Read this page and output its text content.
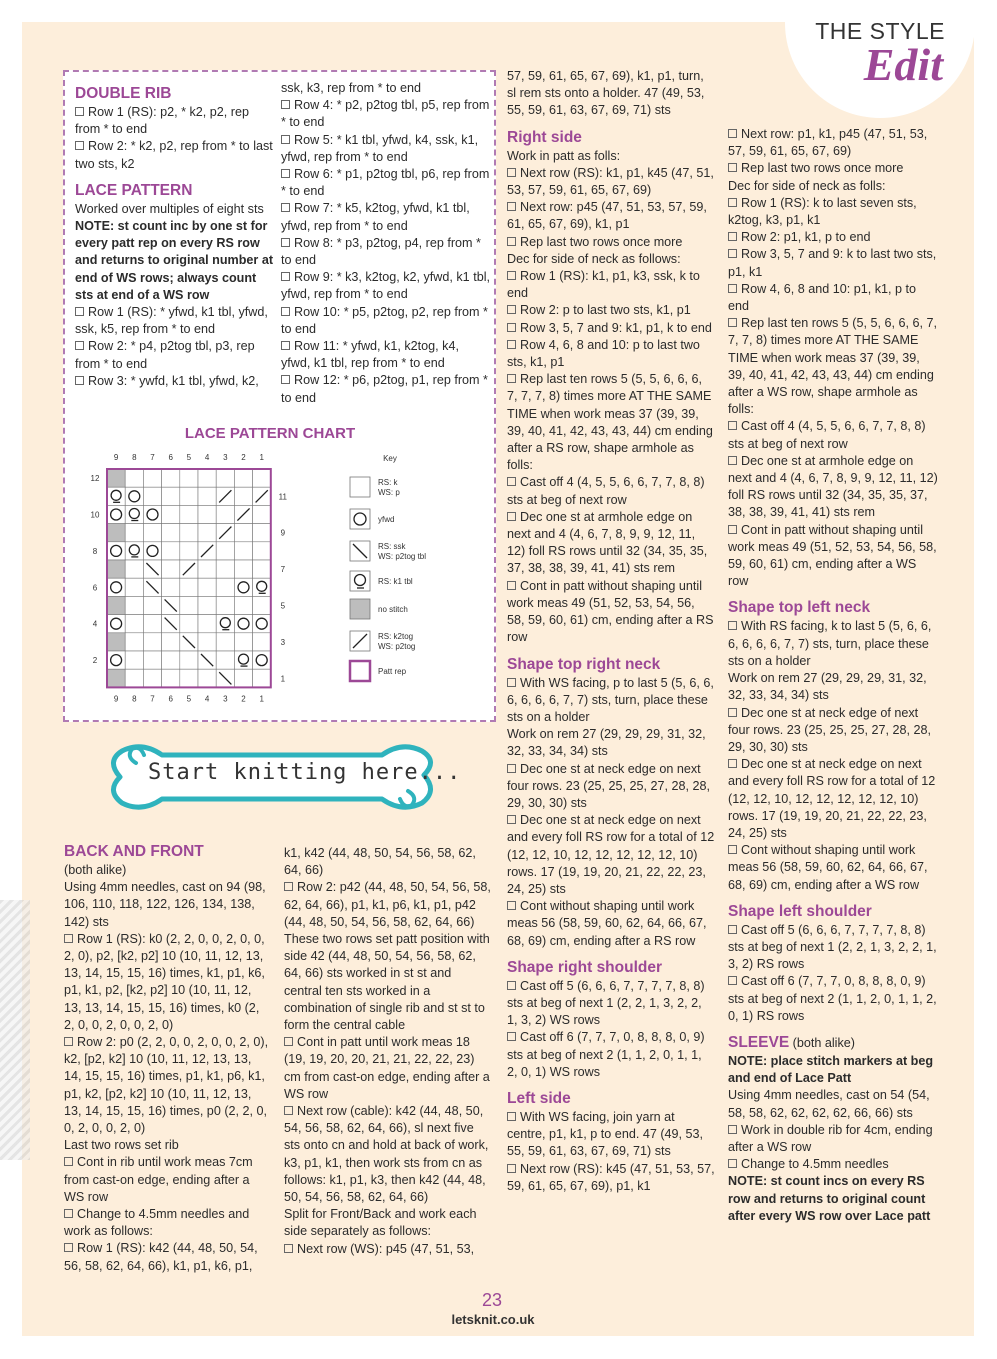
THE STYLE
Edit
DOUBLE RIB

Row 1 (RS): p2, * k2, p2, rep from * to end

Row 2: * k2, p2, rep from * to last two sts, k2

LACE PATTERN

Worked over multiples of eight sts

NOTE: st count inc by one st for every patt rep on every RS row and returns to original number at end of WS rows; always count sts at end of a WS row

Row 1 (RS): * yfwd, k1 tbl, yfwd, ssk, k5, rep from * to end

Row 2: * p4, p2tog tbl, p3, rep from * to end

Row 3: * ywfd, k1 tbl, yfwd, k2,

ssk, k3, rep from * to end

Row 4: * p2, p2tog tbl, p5, rep from * to end

Row 5: * k1 tbl, yfwd, k4, ssk, k1, yfwd, rep from * to end

Row 6: * p1, p2tog tbl, p6, rep from * to end

Row 7: * k5, k2tog, yfwd, k1 tbl, yfwd, rep from * to end

Row 8: * p3, p2tog, p4, rep from * to end

Row 9: * k3, k2tog, k2, yfwd, k1 tbl, yfwd, rep from * to end

Row 10: * p5, p2tog, p2, rep from * to end

Row 11: * yfwd, k1, k2tog, k4, yfwd, k1 tbl, rep from * to end

Row 12: * p6, p2tog, p1, rep from * to end

LACE PATTERN CHART
9 8 7 6 5 4 3 2 1
9 8 7 6 5 4 3 2 1
12
10
8
6
4
2
11
9
7
5
3
1
Key
RS: k
WS: p
yfwd
RS: ssk
WS: p2tog tbl
RS: k1 tbl
no stitch
RS: k2tog
WS: p2tog
Patt rep
Start knitting here...
BACK AND FRONT

(both alike)

Using 4mm needles, cast on 94 (98, 106, 110, 118, 122, 126, 134, 138, 142) sts

Row 1 (RS): k0 (2, 2, 0, 0, 2, 0, 0, 2, 0), p2, [k2, p2] 10 (10, 11, 12, 13, 13, 14, 15, 15, 16) times, k1, p1, k6, p1, k1, p2, [k2, p2] 10 (10, 11, 12, 13, 13, 14, 15, 15, 16) times, k0 (2, 2, 0, 0, 2, 0, 0, 2, 0)

Row 2: p0 (2, 2, 0, 0, 2, 0, 0, 2, 0), k2, [p2, k2] 10 (10, 11, 12, 13, 13, 14, 15, 15, 16) times, p1, k1, p6, k1, p1, k2, [p2, k2] 10 (10, 11, 12, 13, 13, 14, 15, 15, 16) times, p0 (2, 2, 0, 0, 2, 0, 0, 2, 0)

Last two rows set rib

Cont in rib until work meas 7cm from cast-on edge, ending after a WS row

Change to 4.5mm needles and work as follows:

Row 1 (RS): k42 (44, 48, 50, 54, 56, 58, 62, 64, 66), k1, p1, k6, p1,

k1, k42 (44, 48, 50, 54, 56, 58, 62, 64, 66)

Row 2: p42 (44, 48, 50, 54, 56, 58, 62, 64, 66), p1, k1, p6, k1, p1, p42 (44, 48, 50, 54, 56, 58, 62, 64, 66)

These two rows set patt position with side 42 (44, 48, 50, 54, 56, 58, 62, 64, 66) sts worked in st st and central ten sts worked in a combination of single rib and st st to form the central cable

Cont in patt until work meas 18 (19, 19, 20, 20, 21, 21, 22, 22, 23) cm from cast-on edge, ending after a WS row

Next row (cable): k42 (44, 48, 50, 54, 56, 58, 62, 64, 66), sl next five sts onto cn and hold at back of work, k3, p1, k1, then work sts from cn as follows: k1, p1, k3, then k42 (44, 48, 50, 54, 56, 58, 62, 64, 66)

Split for Front/Back and work each side separately as follows:

Next row (WS): p45 (47, 51, 53,

57, 59, 61, 65, 67, 69), k1, p1, turn, sl rem sts onto a holder. 47 (49, 53, 55, 59, 61, 63, 67, 69, 71) sts

Right side

Work in patt as folls:

Next row (RS): k1, p1, k45 (47, 51, 53, 57, 59, 61, 65, 67, 69)

Next row: p45 (47, 51, 53, 57, 59, 61, 65, 67, 69), k1, p1

Rep last two rows once more

Dec for side of neck as follows:

Row 1 (RS): k1, p1, k3, ssk, k to end

Row 2: p to last two sts, k1, p1

Row 3, 5, 7 and 9: k1, p1, k to end

Row 4, 6, 8 and 10: p to last two sts, k1, p1

Rep last ten rows 5 (5, 5, 6, 6, 6, 7, 7, 7, 8) times more AT THE SAME TIME when work meas 37 (39, 39, 39, 40, 41, 42, 43, 43, 44) cm ending after a RS row, shape armhole as folls:

Cast off 4 (4, 5, 5, 6, 6, 7, 7, 8, 8) sts at beg of next row

Dec one st at armhole edge on next and 4 (4, 6, 7, 8, 9, 9, 12, 11, 12) foll RS rows until 32 (34, 35, 35, 37, 38, 38, 39, 41, 41) sts rem

Cont in patt without shaping until work meas 49 (51, 52, 53, 54, 56, 58, 59, 60, 61) cm, ending after a RS row

Shape top right neck

With WS facing, p to last 5 (5, 6, 6, 6, 6, 6, 6, 7, 7) sts, turn, place these sts on a holder

Work on rem 27 (29, 29, 29, 31, 32, 32, 33, 34, 34) sts

Dec one st at neck edge on next four rows. 23 (25, 25, 25, 27, 28, 28, 29, 30, 30) sts

Dec one st at neck edge on next and every foll RS row for a total of 12 (12, 12, 10, 12, 12, 12, 12, 12, 10) rows. 17 (19, 19, 20, 21, 22, 22, 23, 24, 25) sts

Cont without shaping until work meas 56 (58, 59, 60, 62, 64, 66, 67, 68, 69) cm, ending after a RS row

Shape right shoulder

Cast off 5 (6, 6, 6, 7, 7, 7, 7, 8, 8) sts at beg of next 1 (2, 2, 1, 3, 2, 2, 1, 3, 2) WS rows

Cast off 6 (7, 7, 7, 0, 8, 8, 8, 0, 9) sts at beg of next 2 (1, 1, 2, 0, 1, 1, 2, 0, 1) WS rows

Left side

With WS facing, join yarn at centre, p1, k1, p to end. 47 (49, 53, 55, 59, 61, 63, 67, 69, 71) sts

Next row (RS): k45 (47, 51, 53, 57, 59, 61, 65, 67, 69), p1, k1

Next row: p1, k1, p45 (47, 51, 53, 57, 59, 61, 65, 67, 69)

Rep last two rows once more

Dec for side of neck as folls:

Row 1 (RS): k to last seven sts, k2tog, k3, p1, k1

Row 2: p1, k1, p to end

Row 3, 5, 7 and 9: k to last two sts, p1, k1

Row 4, 6, 8 and 10: p1, k1, p to end

Rep last ten rows 5 (5, 5, 6, 6, 6, 7, 7, 7, 8) times more AT THE SAME TIME when work meas 37 (39, 39, 39, 40, 41, 42, 43, 43, 44) cm ending after a WS row, shape armhole as folls:

Cast off 4 (4, 5, 5, 6, 6, 7, 7, 8, 8) sts at beg of next row

Dec one st at armhole edge on next and 4 (4, 6, 7, 8, 9, 9, 12, 11, 12) foll RS rows until 32 (34, 35, 35, 37, 38, 38, 39, 41, 41) sts rem

Cont in patt without shaping until work meas 49 (51, 52, 53, 54, 56, 58, 59, 60, 61) cm, ending after a WS row

Shape top left neck

With RS facing, k to last 5 (5, 6, 6, 6, 6, 6, 6, 7, 7) sts, turn, place these sts on a holder

Work on rem 27 (29, 29, 29, 31, 32, 32, 33, 34, 34) sts

Dec one st at neck edge of next four rows. 23 (25, 25, 25, 27, 28, 28, 29, 30, 30) sts

Dec one st at neck edge on next and every foll RS row for a total of 12 (12, 12, 10, 12, 12, 12, 12, 12, 10) rows. 17 (19, 19, 20, 21, 22, 22, 23, 24, 25) sts

Cont without shaping until work meas 56 (58, 59, 60, 62, 64, 66, 67, 68, 69) cm, ending after a WS row

Shape left shoulder

Cast off 5 (6, 6, 6, 7, 7, 7, 7, 8, 8) sts at beg of next 1 (2, 2, 1, 3, 2, 2, 1, 3, 2) RS rows

Cast off 6 (7, 7, 7, 0, 8, 8, 8, 0, 9) sts at beg of next 2 (1, 1, 2, 0, 1, 1, 2, 0, 1) RS rows

SLEEVE (both alike)

NOTE: place stitch markers at beg and end of Lace Patt

Using 4mm needles, cast on 54 (54, 58, 58, 62, 62, 62, 62, 66, 66) sts

Work in double rib for 4cm, ending after a WS row

Change to 4.5mm needles

NOTE: st count incs on every RS row and returns to original count after every WS row over Lace patt

23
letsknit.co.uk
